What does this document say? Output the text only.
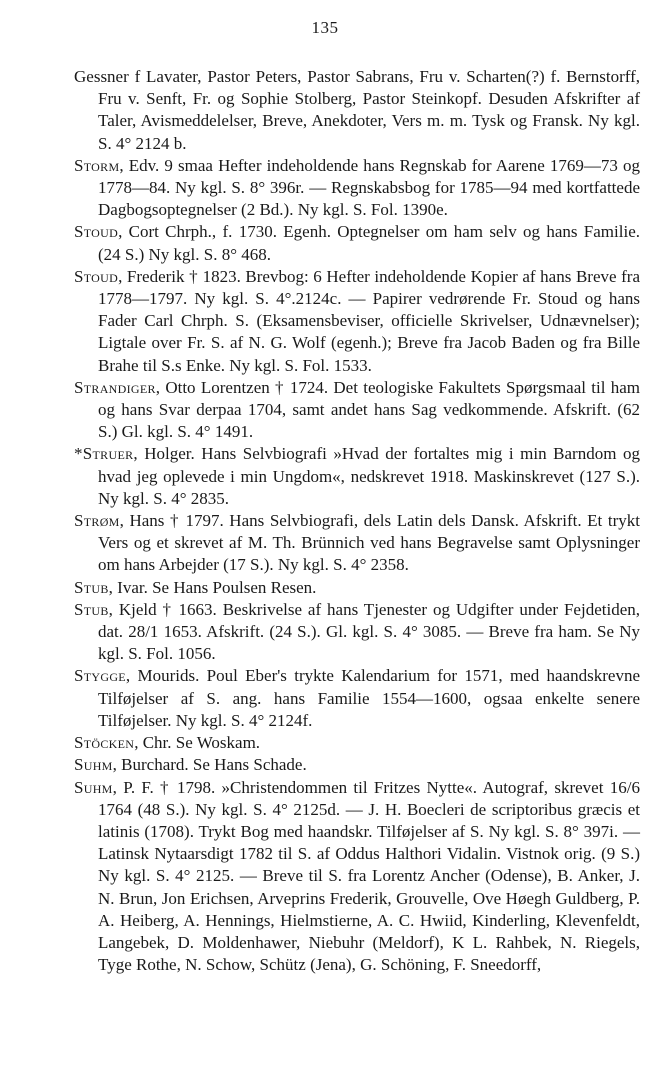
135

Gessner f Lavater, Pastor Peters, Pastor Sabrans, Fru v. Scharten(?) f. Bernstorff, Fru v. Senft, Fr. og Sophie Stolberg, Pastor Steinkopf. Desuden Afskrifter af Taler, Avismeddelelser, Breve, Anekdoter, Vers m. m. Tysk og Fransk. Ny kgl. S. 4° 2124 b.

Storm, Edv. 9 smaa Hefter indeholdende hans Regnskab for Aarene 1769—73 og 1778—84. Ny kgl. S. 8° 396r. — Regnskabsbog for 1785—94 med kortfattede Dagbogsoptegnelser (2 Bd.). Ny kgl. S. Fol. 1390e.

Stoud, Cort Chrph., f. 1730. Egenh. Optegnelser om ham selv og hans Familie. (24 S.) Ny kgl. S. 8° 468.

Stoud, Frederik † 1823. Brevbog: 6 Hefter indeholdende Kopier af hans Breve fra 1778—1797. Ny kgl. S. 4°.2124c. — Papirer vedrørende Fr. Stoud og hans Fader Carl Chrph. S. (Eksamensbeviser, officielle Skrivelser, Udnævnelser); Ligtale over Fr. S. af N. G. Wolf (egenh.); Breve fra Jacob Baden og fra Bille Brahe til S.s Enke. Ny kgl. S. Fol. 1533.

Strandiger, Otto Lorentzen † 1724. Det teologiske Fakultets Spørgsmaal til ham og hans Svar derpaa 1704, samt andet hans Sag vedkommende. Afskrift. (62 S.) Gl. kgl. S. 4° 1491.

*Struer, Holger. Hans Selvbiografi »Hvad der fortaltes mig i min Barndom og hvad jeg oplevede i min Ungdom«, nedskrevet 1918. Maskinskrevet (127 S.). Ny kgl. S. 4° 2835.

Strøm, Hans † 1797. Hans Selvbiografi, dels Latin dels Dansk. Afskrift. Et trykt Vers og et skrevet af M. Th. Brünnich ved hans Begravelse samt Oplysninger om hans Arbejder (17 S.). Ny kgl. S. 4° 2358.

Stub, Ivar. Se Hans Poulsen Resen.

Stub, Kjeld † 1663. Beskrivelse af hans Tjenester og Udgifter under Fejdetiden, dat. 28/1 1653. Afskrift. (24 S.). Gl. kgl. S. 4° 3085. — Breve fra ham. Se Ny kgl. S. Fol. 1056.

Stygge, Mourids. Poul Eber's trykte Kalendarium for 1571, med haandskrevne Tilføjelser af S. ang. hans Familie 1554—1600, ogsaa enkelte senere Tilføjelser. Ny kgl. S. 4° 2124f.

Stöcken, Chr. Se Woskam.

Suhm, Burchard. Se Hans Schade.

Suhm, P. F. † 1798. »Christendommen til Fritzes Nytte«. Autograf, skrevet 16/6 1764 (48 S.). Ny kgl. S. 4° 2125d. — J. H. Boecleri de scriptoribus græcis et latinis (1708). Trykt Bog med haandskr. Tilføjelser af S. Ny kgl. S. 8° 397i. — Latinsk Nytaarsdigt 1782 til S. af Oddus Halthori Vidalin. Vistnok orig. (9 S.) Ny kgl. S. 4° 2125. — Breve til S. fra Lorentz Ancher (Odense), B. Anker, J. N. Brun, Jon Erichsen, Arveprins Frederik, Grouvelle, Ove Høegh Guldberg, P. A. Heiberg, A. Hennings, Hielmstierne, A. C. Hwiid, Kinderling, Klevenfeldt, Langebek, D. Moldenhawer, Niebuhr (Meldorf), K L. Rahbek, N. Riegels, Tyge Rothe, N. Schow, Schütz (Jena), G. Schöning, F. Sneedorff,
